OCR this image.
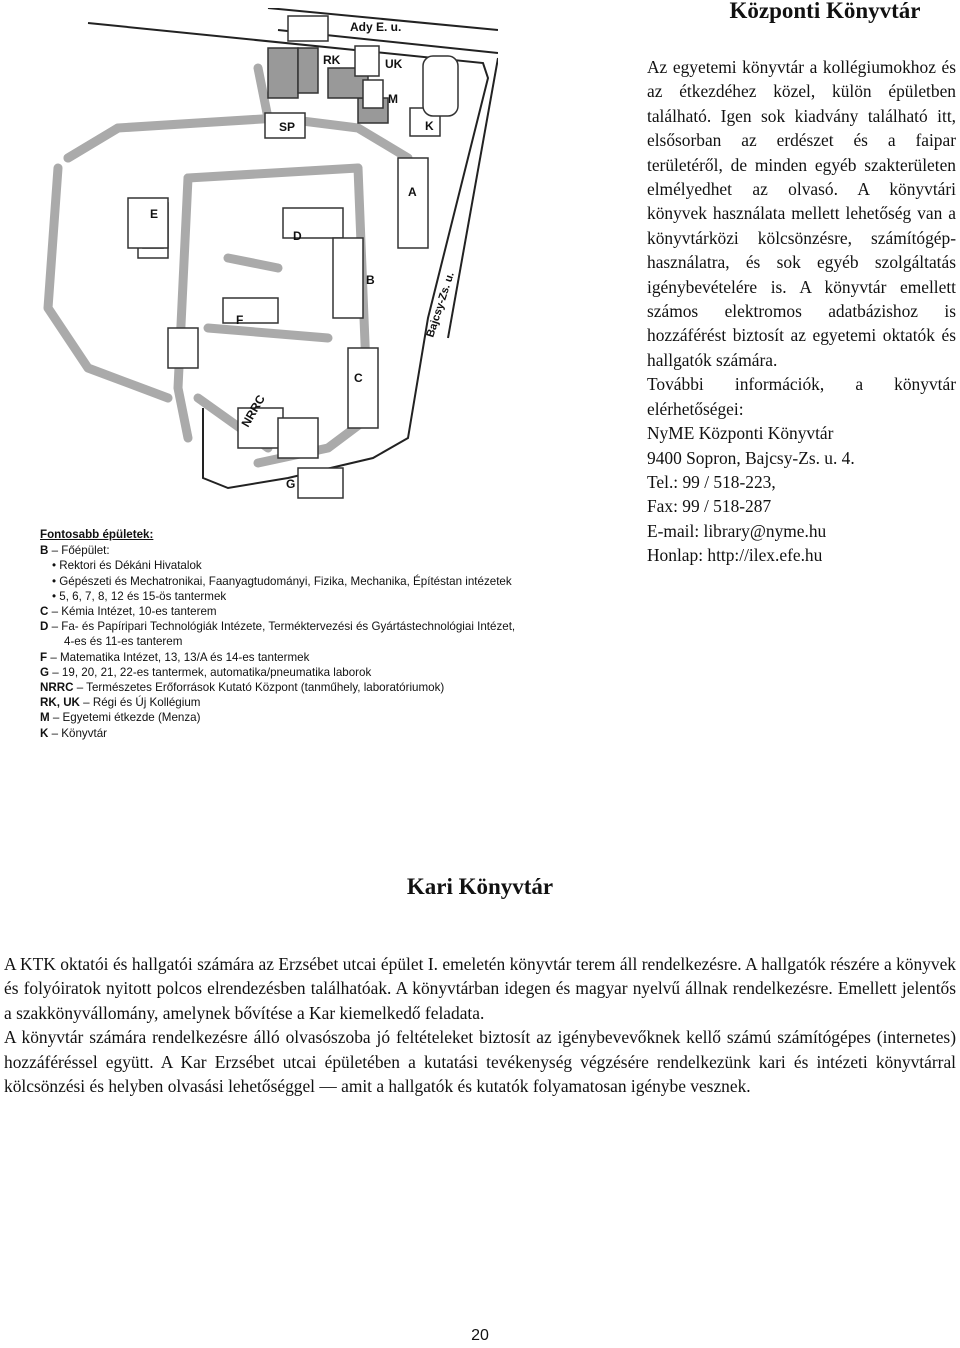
Központi Könyvtár
Ady E. u.
RK	UK
M
SP	K
A
E
D
B
F
C
G
NRRC
Bajcsy-Zs. u.
Fontosabb épületek:
B – Főépület:
• Rektori és Dékáni Hivatalok
• Gépészeti és Mechatronikai, Faanyagtudományi, Fizika, Mechanika, Építéstan intézetek
• 5, 6, 7, 8, 12 és 15-ös tantermek
C – Kémia Intézet, 10-es tanterem
D – Fa- és Papíripari Technológiák Intézete, Terméktervezési és Gyártástechnológiai Intézet,
4-es és 11-es tanterem
F – Matematika Intézet, 13, 13/A és 14-es tantermek
G – 19, 20, 21, 22-es tantermek, automatika/pneumatika laborok
NRRC – Természetes Erőforrások Kutató Központ (tanműhely, laboratóriumok)
RK, UK – Régi és Új Kollégium
M – Egyetemi étkezde (Menza)
K – Könyvtár

Az egyetemi könyvtár a kollégiumokhoz és az étkezdéhez közel, külön épületben található. Igen sok kiadvány található itt, elsősorban az erdészet és a faipar területéről, de minden egyéb szakterületen elmélyedhet az olvasó. A könyvtári könyvek használata mellett lehetőség van a könyvtárközi kölcsönzésre, számítógép-használatra, és sok egyéb szolgáltatás igénybevételére is. A könyvtár emellett számos elektromos adatbázishoz is hozzáférést biztosít az egyetemi oktatók és hallgatók számára.

További információk, a könyvtár elérhetőségei:

NyME Központi Könyvtár

9400 Sopron, Bajcsy-Zs. u. 4.

Tel.: 99 / 518-223,

Fax: 99 / 518-287

E-mail: library@nyme.hu

Honlap: http://ilex.efe.hu

Kari Könyvtár

A KTK oktatói és hallgatói számára az Erzsébet utcai épület I. emeletén könyvtár terem áll rendelkezésre. A hallgatók részére a könyvek és folyóiratok nyitott polcos elrendezésben találhatóak. A könyvtárban idegen és magyar nyelvű állnak rendelkezésre. Emellett jelentős a szakkönyvállomány, amelynek bővítése a Kar kiemelkedő feladata.

A könyvtár számára rendelkezésre álló olvasószoba jó feltételeket biztosít az igénybevevőknek kellő számú számítógépes (internetes) hozzáféréssel együtt. A Kar Erzsébet utcai épületében a kutatási tevékenység végzésére rendelkezünk kari és intézeti könyvtárral kölcsönzési és helyben olvasási lehetőséggel — amit a hallgatók és kutatók folyamatosan igénybe vesznek.

20
